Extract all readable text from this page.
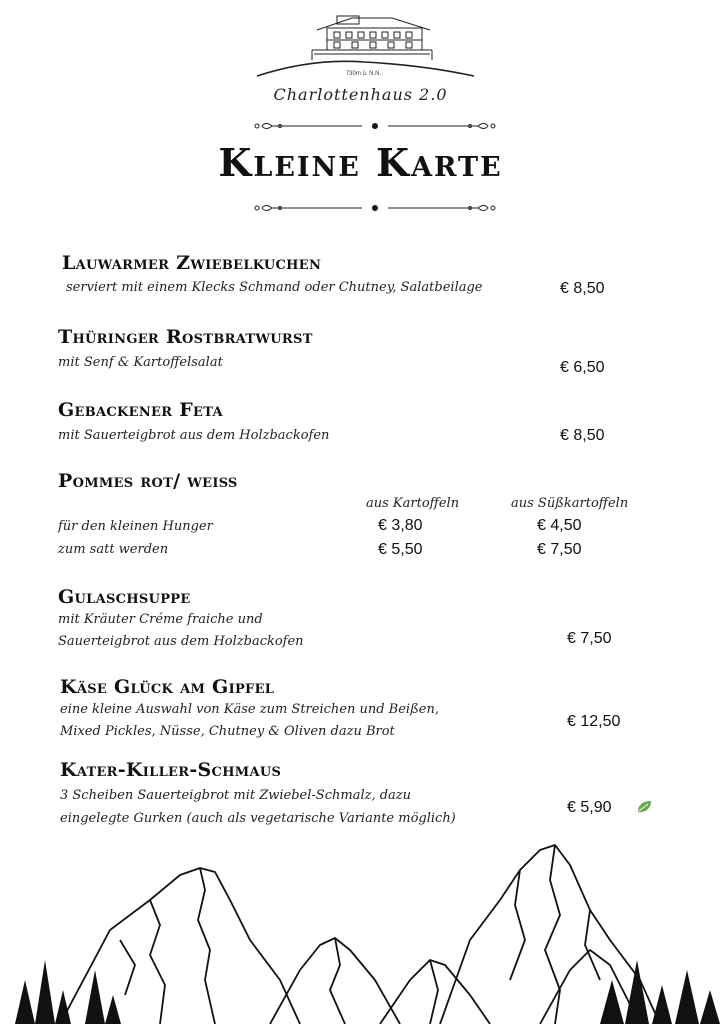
730m ü. N.N.
Charlottenhaus 2.0
Kleine Karte
Lauwarmer Zwiebelkuchen
serviert mit einem Klecks Schmand oder Chutney, Salatbeilage	€ 8,50
Thüringer Rostbratwurst
mit Senf & Kartoffelsalat	€ 6,50
Gebackener Feta
mit Sauerteigbrot aus dem Holzbackofen	€ 8,50
Pommes rot/ weiß
aus Kartoffeln	aus Süßkartoffeln
für den kleinen Hunger	€ 3,80	€ 4,50
zum satt werden	€ 5,50	€ 7,50
Gulaschsuppe
mit Kräuter Créme fraiche und
Sauerteigbrot aus dem Holzbackofen	€ 7,50
Käse Glück am Gipfel
eine kleine Auswahl von Käse zum Streichen und Beißen,
Mixed Pickles, Nüsse, Chutney & Oliven dazu Brot
€ 12,50
Kater-Killer-Schmaus
3 Scheiben Sauerteigbrot mit Zwiebel-Schmalz, dazu
eingelegte Gurken (auch als vegetarische Variante möglich)
€ 5,90
